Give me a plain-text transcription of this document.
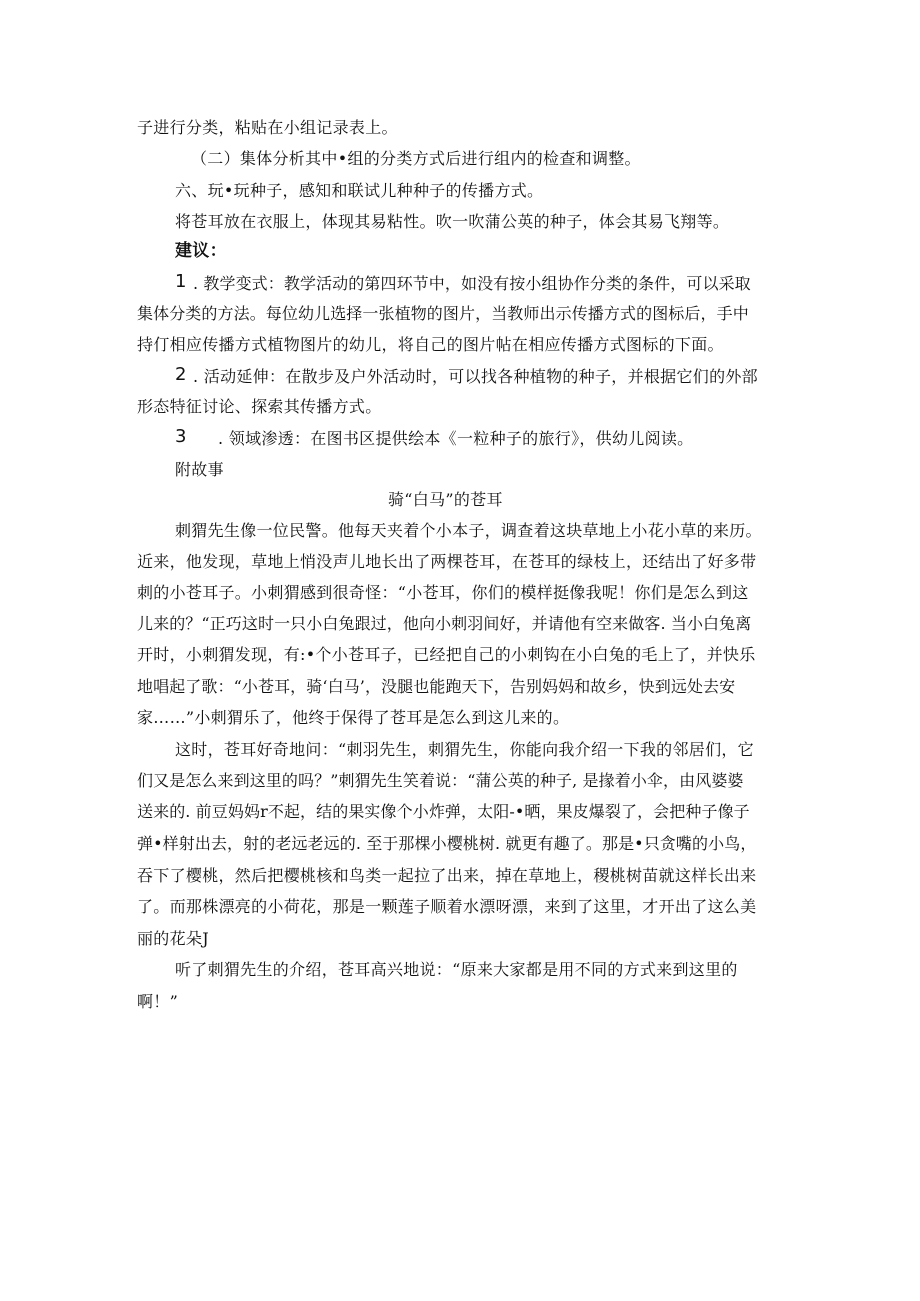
子进行分类，粘贴在小组记录表上。
（二）集体分析其中•组的分类方式后进行组内的检查和调整。
六、玩•玩种子，感知和联试儿种种子的传播方式。
将苍耳放在衣服上，体现其易粘性。吹一吹蒲公英的种子，体会其易飞翔等。
建议：
1 . 教学变式：教学活动的第四环节中，如没有按小组协作分类的条件，可以采取
集体分类的方法。每位幼儿选择一张植物的图片，当教师出示传播方式的图标后，手中
持仃相应传播方式植物图片的幼儿，将自己的图片帖在相应传播方式图标的下面。
2 . 活动延伸：在散步及户外活动时，可以找各种植物的种子，并根据它们的外部
形态特征讨论、探索其传播方式。
3 . 领域渗透：在图书区提供绘本《一粒种子的旅行》，供幼儿阅读。
附故事
骑“白马”的苍耳
刺猬先生像一位民警。他每天夹着个小本子，调查着这块草地上小花小草的来历。
近来，他发现，草地上悄没声儿地长出了两棵苍耳，在苍耳的绿枝上，还结出了好多带
刺的小苍耳子。小刺猬感到很奇怪：“小苍耳，你们的模样挺像我呢！你们是怎么到这
儿来的？“正巧这时一只小白兔跟过，他向小刺羽间好，并请他有空来做客. 当小白兔离
开时，小刺猬发现，有:•个小苍耳子，已经把自己的小刺钩在小白兔的毛上了，并快乐
地唱起了歌：“小苍耳，骑‘白马’，没腿也能跑天下，告别妈妈和故乡，快到远处去安
家……”小刺猬乐了，他终于保得了苍耳是怎么到这儿来的。
这时，苍耳好奇地问：“刺羽先生，刺猬先生，你能向我介绍一下我的邻居们，它
们又是怎么来到这里的吗？”刺猬先生笑着说：“蒲公英的种子, 是掾着小伞，由风婆婆
送来的. 前豆妈妈r不起，结的果实像个小炸弹，太阳-•晒，果皮爆裂了，会把种子像子
弹•样射出去，射的老远老远的. 至于那棵小樱桃树. 就更有趣了。那是•只贪嘴的小鸟，
吞下了樱桃，然后把樱桃核和鸟类一起拉了出来，掉在草地上，稷桃树苗就这样长出来
了。而那株漂亮的小荷花，那是一颗莲子顺着水漂呀漂，来到了这里，才开出了这么美
丽的花朵J
听了刺猬先生的介绍，苍耳高兴地说：“原来大家都是用不同的方式来到这里的
啊！”
